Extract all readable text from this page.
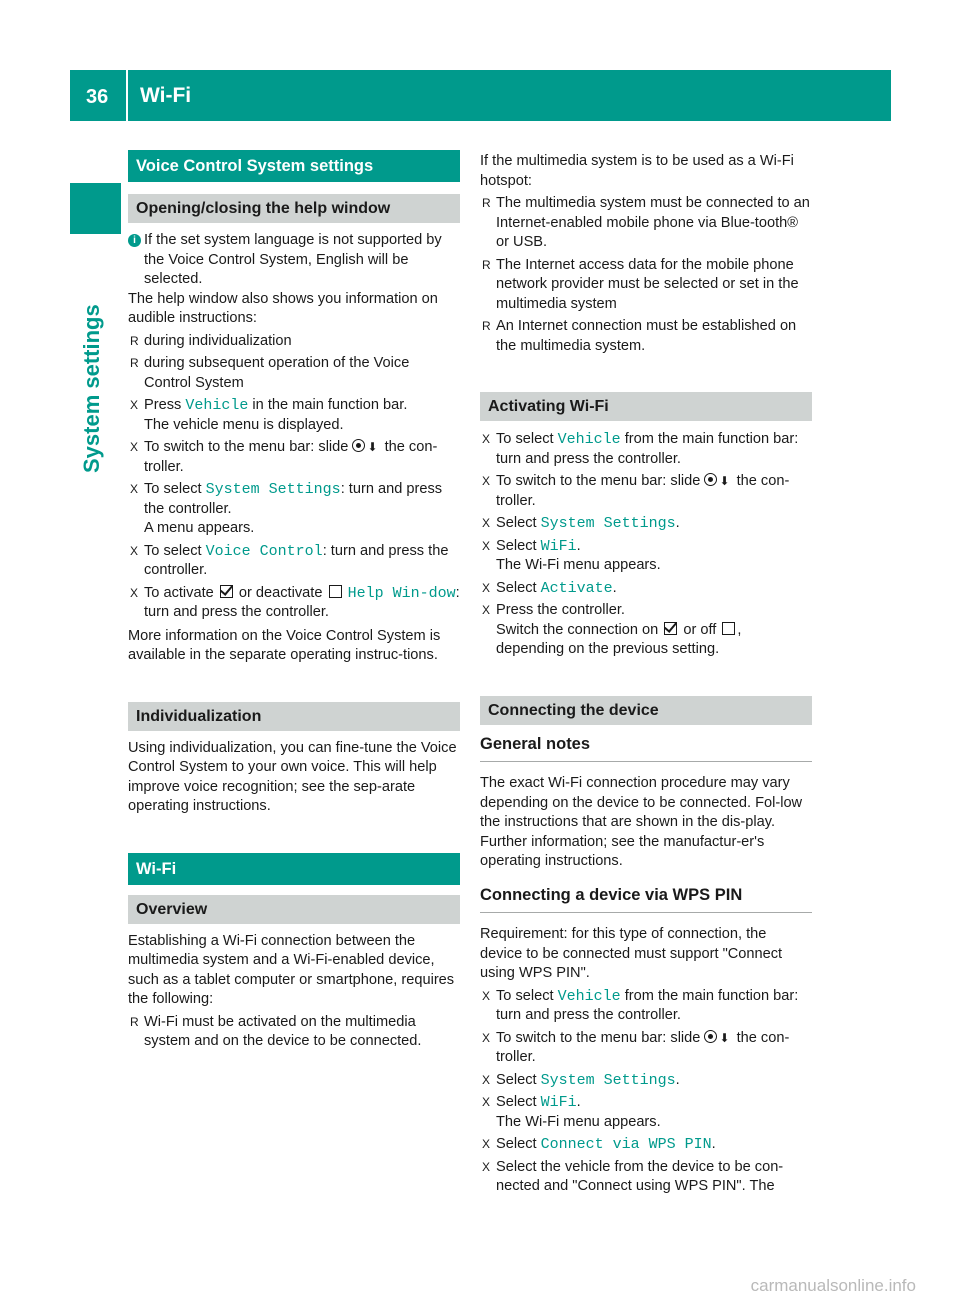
36 Wi-Fi
System settings
Voice Control System settings
Opening/closing the help window
i If the set system language is not supported by the Voice Control System, English will be selected.

The help window also shows you information on audible instructions:

R during individualization
R during subsequent operation of the Voice Control System
X Press Vehicle in the main function bar.
The vehicle menu is displayed.
X To switch to the menu bar: slide ⬇ the con-troller.
X To select System Settings: turn and press the controller.
A menu appears.
X To select Voice Control: turn and press the controller.
X To activate  or deactivate  Help Win‐dow: turn and press the controller.

More information on the Voice Control System is available in the separate operating instruc-tions.

Individualization

Using individualization, you can fine-tune the Voice Control System to your own voice. This will help improve voice recognition; see the sep-arate operating instructions.

Wi-Fi
Overview

Establishing a Wi-Fi connection between the multimedia system and a Wi-Fi-enabled device, such as a tablet computer or smartphone, requires the following:

R Wi-Fi must be activated on the multimedia system and on the device to be connected.

If the multimedia system is to be used as a Wi-Fi hotspot:

R The multimedia system must be connected to an Internet-enabled mobile phone via Blue-tooth® or USB.
R The Internet access data for the mobile phone network provider must be selected or set in the multimedia system
R An Internet connection must be established on the multimedia system.
Activating Wi-Fi
X To select Vehicle from the main function bar: turn and press the controller.
X To switch to the menu bar: slide ⬇ the con-troller.
X Select System Settings.
X Select WiFi.
The Wi-Fi menu appears.
X Select Activate.
X Press the controller.
Switch the connection on  or off ,
depending on the previous setting.
Connecting the device
General notes

The exact Wi-Fi connection procedure may vary depending on the device to be connected. Fol-low the instructions that are shown in the dis-play. Further information; see the manufactur-er's operating instructions.

Connecting a device via WPS PIN

Requirement: for this type of connection, the device to be connected must support "Connect using WPS PIN".

X To select Vehicle from the main function bar: turn and press the controller.
X To switch to the menu bar: slide ⬇ the con-troller.
X Select System Settings.
X Select WiFi.
The Wi-Fi menu appears.
X Select Connect via WPS PIN.
X Select the vehicle from the device to be con-nected and "Connect using WPS PIN". The
carmanualsonline.info
